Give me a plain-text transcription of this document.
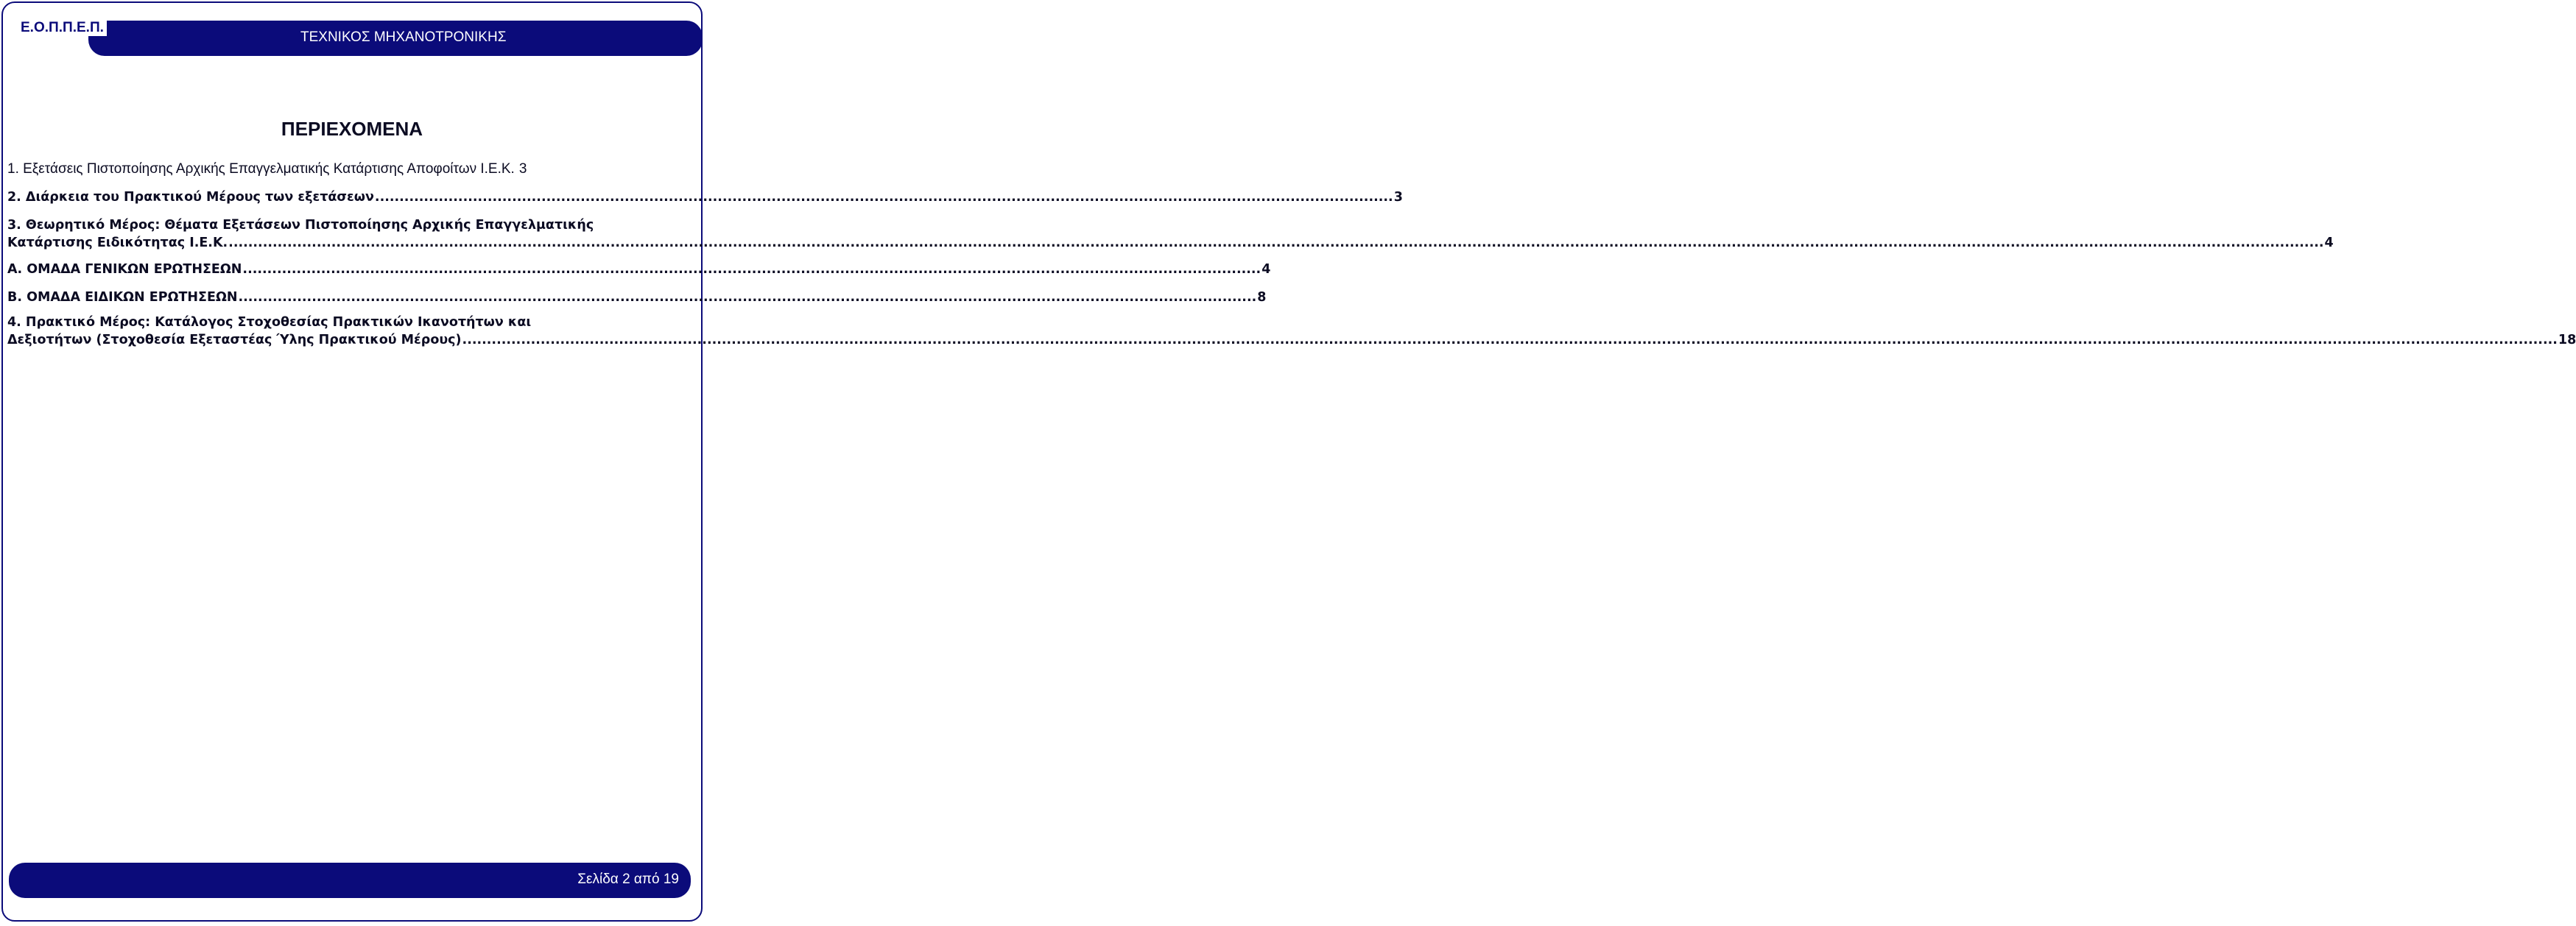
Ε.Ο.Π.Π.Ε.Π.
ΤΕΧΝΙΚΟΣ ΜΗΧΑΝΟΤΡΟΝΙΚΗΣ
ΠΕΡΙΕΧΟΜΕΝΑ
1. Εξετάσεις Πιστοποίησης Αρχικής Επαγγελματικής Κατάρτισης Αποφοίτων Ι.Ε.Κ. 3
2. Διάρκεια του Πρακτικού Μέρους των εξετάσεων .....	3
3. Θεωρητικό Μέρος: Θέματα Εξετάσεων Πιστοποίησης Αρχικής Επαγγελματικής
Κατάρτισης Ειδικότητας Ι.Ε.Κ. ............................................................................................................................................................................................................................ .....	4
Α. ΟΜΑΔΑ ΓΕΝΙΚΩΝ ΕΡΩΤΗΣΕΩΝ .....	4
Β. ΟΜΑΔΑ ΕΙΔΙΚΩΝ ΕΡΩΤΗΣΕΩΝ .....	8
4. Πρακτικό Μέρος: Κατάλογος Στοχοθεσίας Πρακτικών Ικανοτήτων και
Δεξιοτήτων (Στοχοθεσία Εξεταστέας Ύλης Πρακτικού Μέρους) ............................................................................................................................................................................................................................ .....	18
Σελίδα 2 από 19
